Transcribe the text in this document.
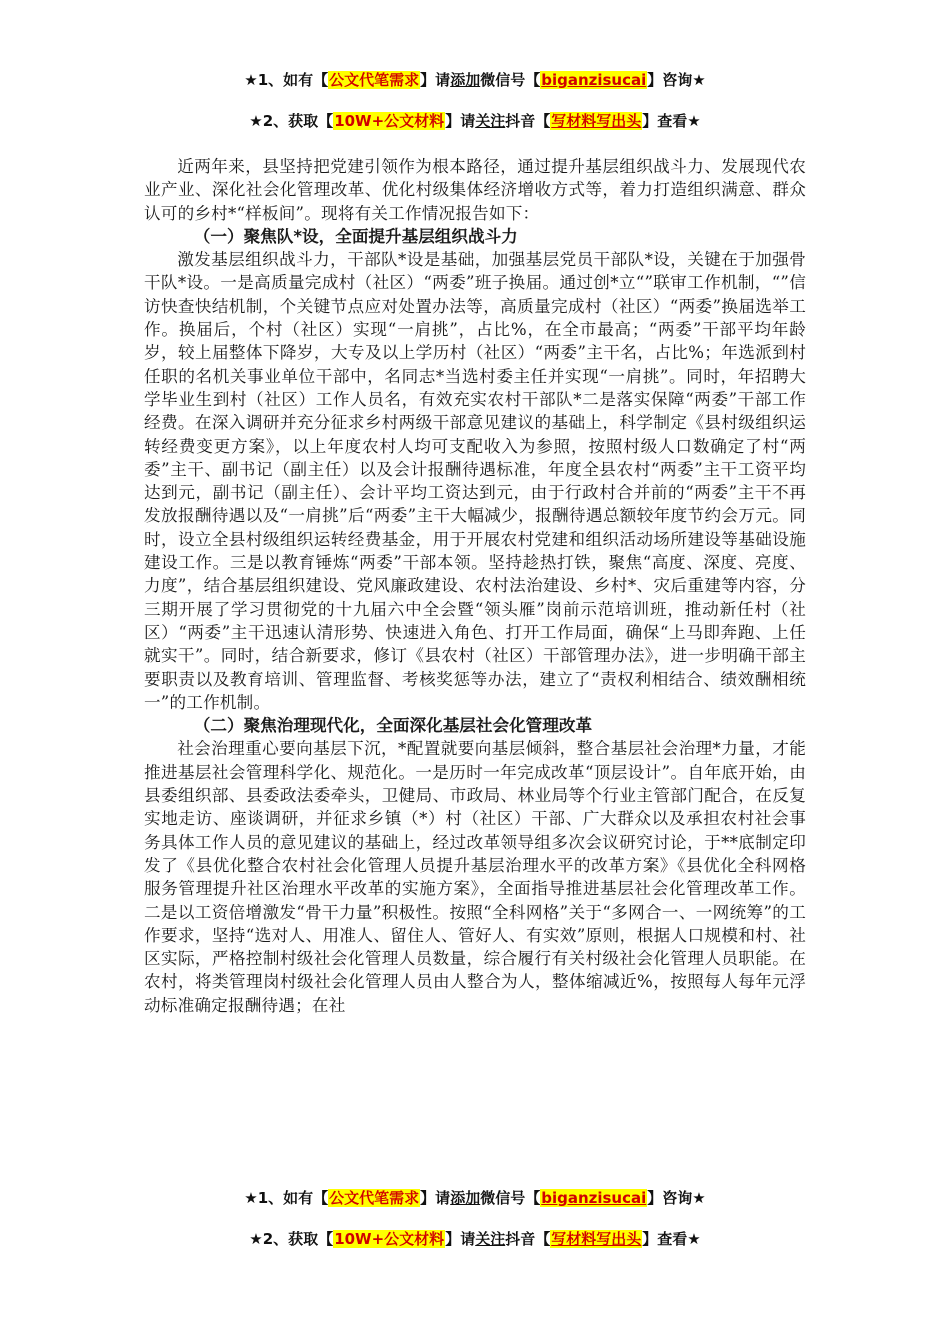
★1、如有【公文代笔需求】请添加微信号【biganzisucai】咨询★
★2、获取【10W+公文材料】请关注抖音【写材料写出头】查看★

近两年来，县坚持把党建引领作为根本路径，通过提升基层组织战斗力、发展现代农业产业、深化社会化管理改革、优化村级集体经济增收方式等，着力打造组织满意、群众认可的乡村*“样板间”。现将有关工作情况报告如下：

（一）聚焦队*设，全面提升基层组织战斗力

激发基层组织战斗力，干部队*设是基础，加强基层党员干部队*设，关键在于加强骨干队*设。一是高质量完成村（社区）“两委”班子换届。通过创*立“”联审工作机制，“”信访快查快结机制，个关键节点应对处置办法等，高质量完成村（社区）“两委”换届选举工作。换届后，个村（社区）实现“一肩挑”，占比%，在全市最高；“两委”干部平均年龄岁，较上届整体下降岁，大专及以上学历村（社区）“两委”主干名，占比%；年选派到村任职的名机关事业单位干部中，名同志*当选村委主任并实现“一肩挑”。同时，年招聘大学毕业生到村（社区）工作人员名，有效充实农村干部队*二是落实保障“两委”干部工作经费。在深入调研并充分征求乡村两级干部意见建议的基础上，科学制定《县村级组织运转经费变更方案》，以上年度农村人均可支配收入为参照，按照村级人口数确定了村“两委”主干、副书记（副主任）以及会计报酬待遇标准，年度全县农村“两委”主干工资平均达到元，副书记（副主任）、会计平均工资达到元，由于行政村合并前的“两委”主干不再发放报酬待遇以及“一肩挑”后“两委”主干大幅减少，报酬待遇总额较年度节约会万元。同时，设立全县村级组织运转经费基金，用于开展农村党建和组织活动场所建设等基础设施建设工作。三是以教育锤炼“两委”干部本领。坚持趁热打铁，聚焦“高度、深度、亮度、力度”，结合基层组织建设、党风廉政建设、农村法治建设、乡村*、灾后重建等内容，分三期开展了学习贯彻党的十九届六中全会暨“领头雁”岗前示范培训班，推动新任村（社区）“两委”主干迅速认清形势、快速进入角色、打开工作局面，确保“上马即奔跑、上任就实干”。同时，结合新要求，修订《县农村（社区）干部管理办法》，进一步明确干部主要职责以及教育培训、管理监督、考核奖惩等办法，建立了“责权利相结合、绩效酬相统一”的工作机制。

（二）聚焦治理现代化，全面深化基层社会化管理改革

社会治理重心要向基层下沉，*配置就要向基层倾斜，整合基层社会治理*力量，才能推进基层社会管理科学化、规范化。一是历时一年完成改革“顶层设计”。自年底开始，由县委组织部、县委政法委牵头，卫健局、市政局、林业局等个行业主管部门配合，在反复实地走访、座谈调研，并征求乡镇（*）村（社区）干部、广大群众以及承担农村社会事务具体工作人员的意见建议的基础上，经过改革领导组多次会议研究讨论，于**底制定印发了《县优化整合农村社会化管理人员提升基层治理水平的改革方案》《县优化全科网格服务管理提升社区治理水平改革的实施方案》，全面指导推进基层社会化管理改革工作。二是以工资倍增激发“骨干力量”积极性。按照“全科网格”关于“多网合一、一网统筹”的工作要求，坚持“选对人、用准人、留住人、管好人、有实效”原则，根据人口规模和村、社区实际，严格控制村级社会化管理人员数量，综合履行有关村级社会化管理人员职能。在农村，将类管理岗村级社会化管理人员由人整合为人，整体缩减近%，按照每人每年元浮动标准确定报酬待遇；在社

★1、如有【公文代笔需求】请添加微信号【biganzisucai】咨询★
★2、获取【10W+公文材料】请关注抖音【写材料写出头】查看★
